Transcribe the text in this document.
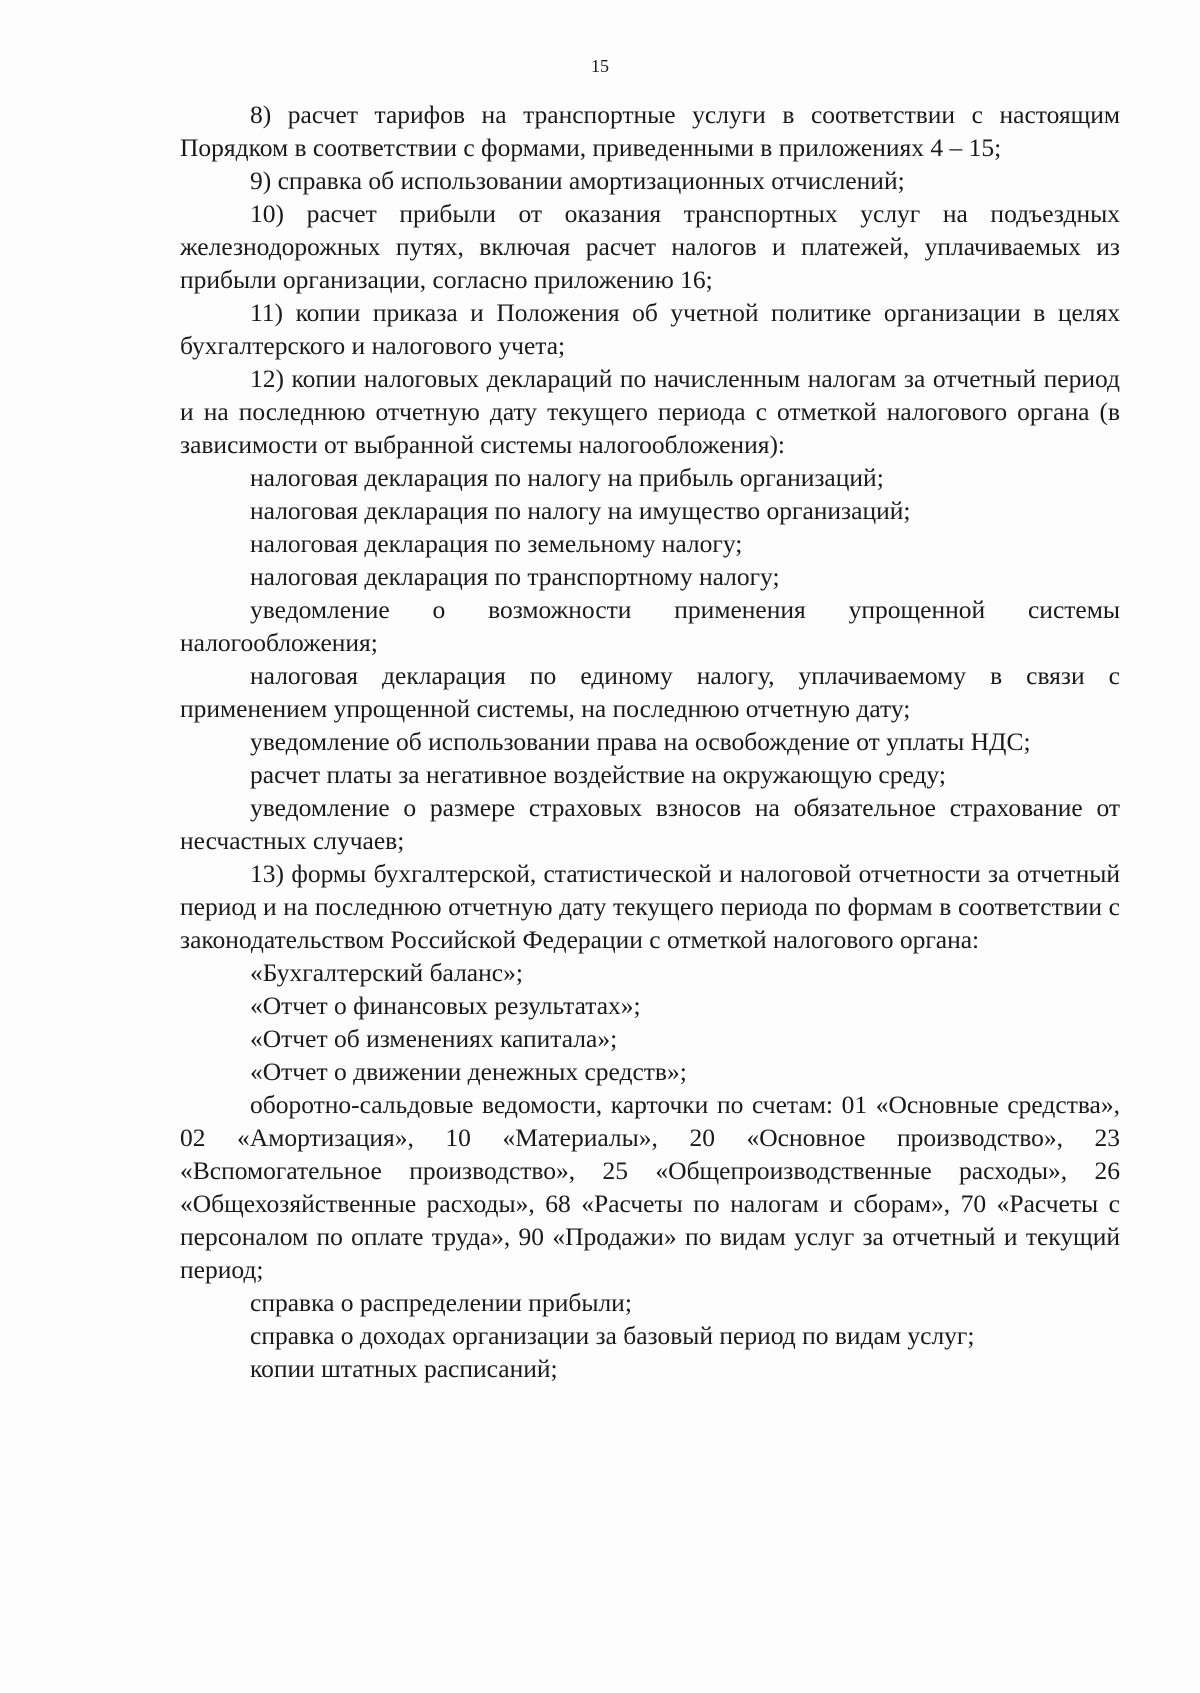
15

8) расчет тарифов на транспортные услуги в соответствии с настоящим Порядком в соответствии с формами, приведенными в приложениях 4 – 15;

9) справка об использовании амортизационных отчислений;

10) расчет прибыли от оказания транспортных услуг на подъездных железнодорожных путях, включая расчет налогов и платежей, уплачиваемых из прибыли организации, согласно приложению 16;

11) копии приказа и Положения об учетной политике организации в целях бухгалтерского и налогового учета;

12) копии налоговых деклараций по начисленным налогам за отчетный период и на последнюю отчетную дату текущего периода с отметкой налогового органа (в зависимости от выбранной системы налогообложения):

налоговая декларация по налогу на прибыль организаций;

налоговая декларация по налогу на имущество организаций;

налоговая декларация по земельному налогу;

налоговая декларация по транспортному налогу;

уведомление о возможности применения упрощенной системы налогообложения;

налоговая декларация по единому налогу, уплачиваемому в связи с применением упрощенной системы, на последнюю отчетную дату;

уведомление об использовании права на освобождение от уплаты НДС;

расчет платы за негативное воздействие на окружающую среду;

уведомление о размере страховых взносов на обязательное страхование от несчастных случаев;

13) формы бухгалтерской, статистической и налоговой отчетности за отчетный период и на последнюю отчетную дату текущего периода по формам в соответствии с законодательством Российской Федерации с отметкой налогового органа:

«Бухгалтерский баланс»;

«Отчет о финансовых результатах»;

«Отчет об изменениях капитала»;

«Отчет о движении денежных средств»;

оборотно-сальдовые ведомости, карточки по счетам: 01 «Основные средства», 02 «Амортизация», 10 «Материалы», 20 «Основное производство», 23 «Вспомогательное производство», 25 «Общепроизводственные расходы», 26 «Общехозяйственные расходы», 68 «Расчеты по налогам и сборам», 70 «Расчеты с персоналом по оплате труда», 90 «Продажи» по видам услуг за отчетный и текущий период;

справка о распределении прибыли;

справка о доходах организации за базовый период по видам услуг;

копии штатных расписаний;
